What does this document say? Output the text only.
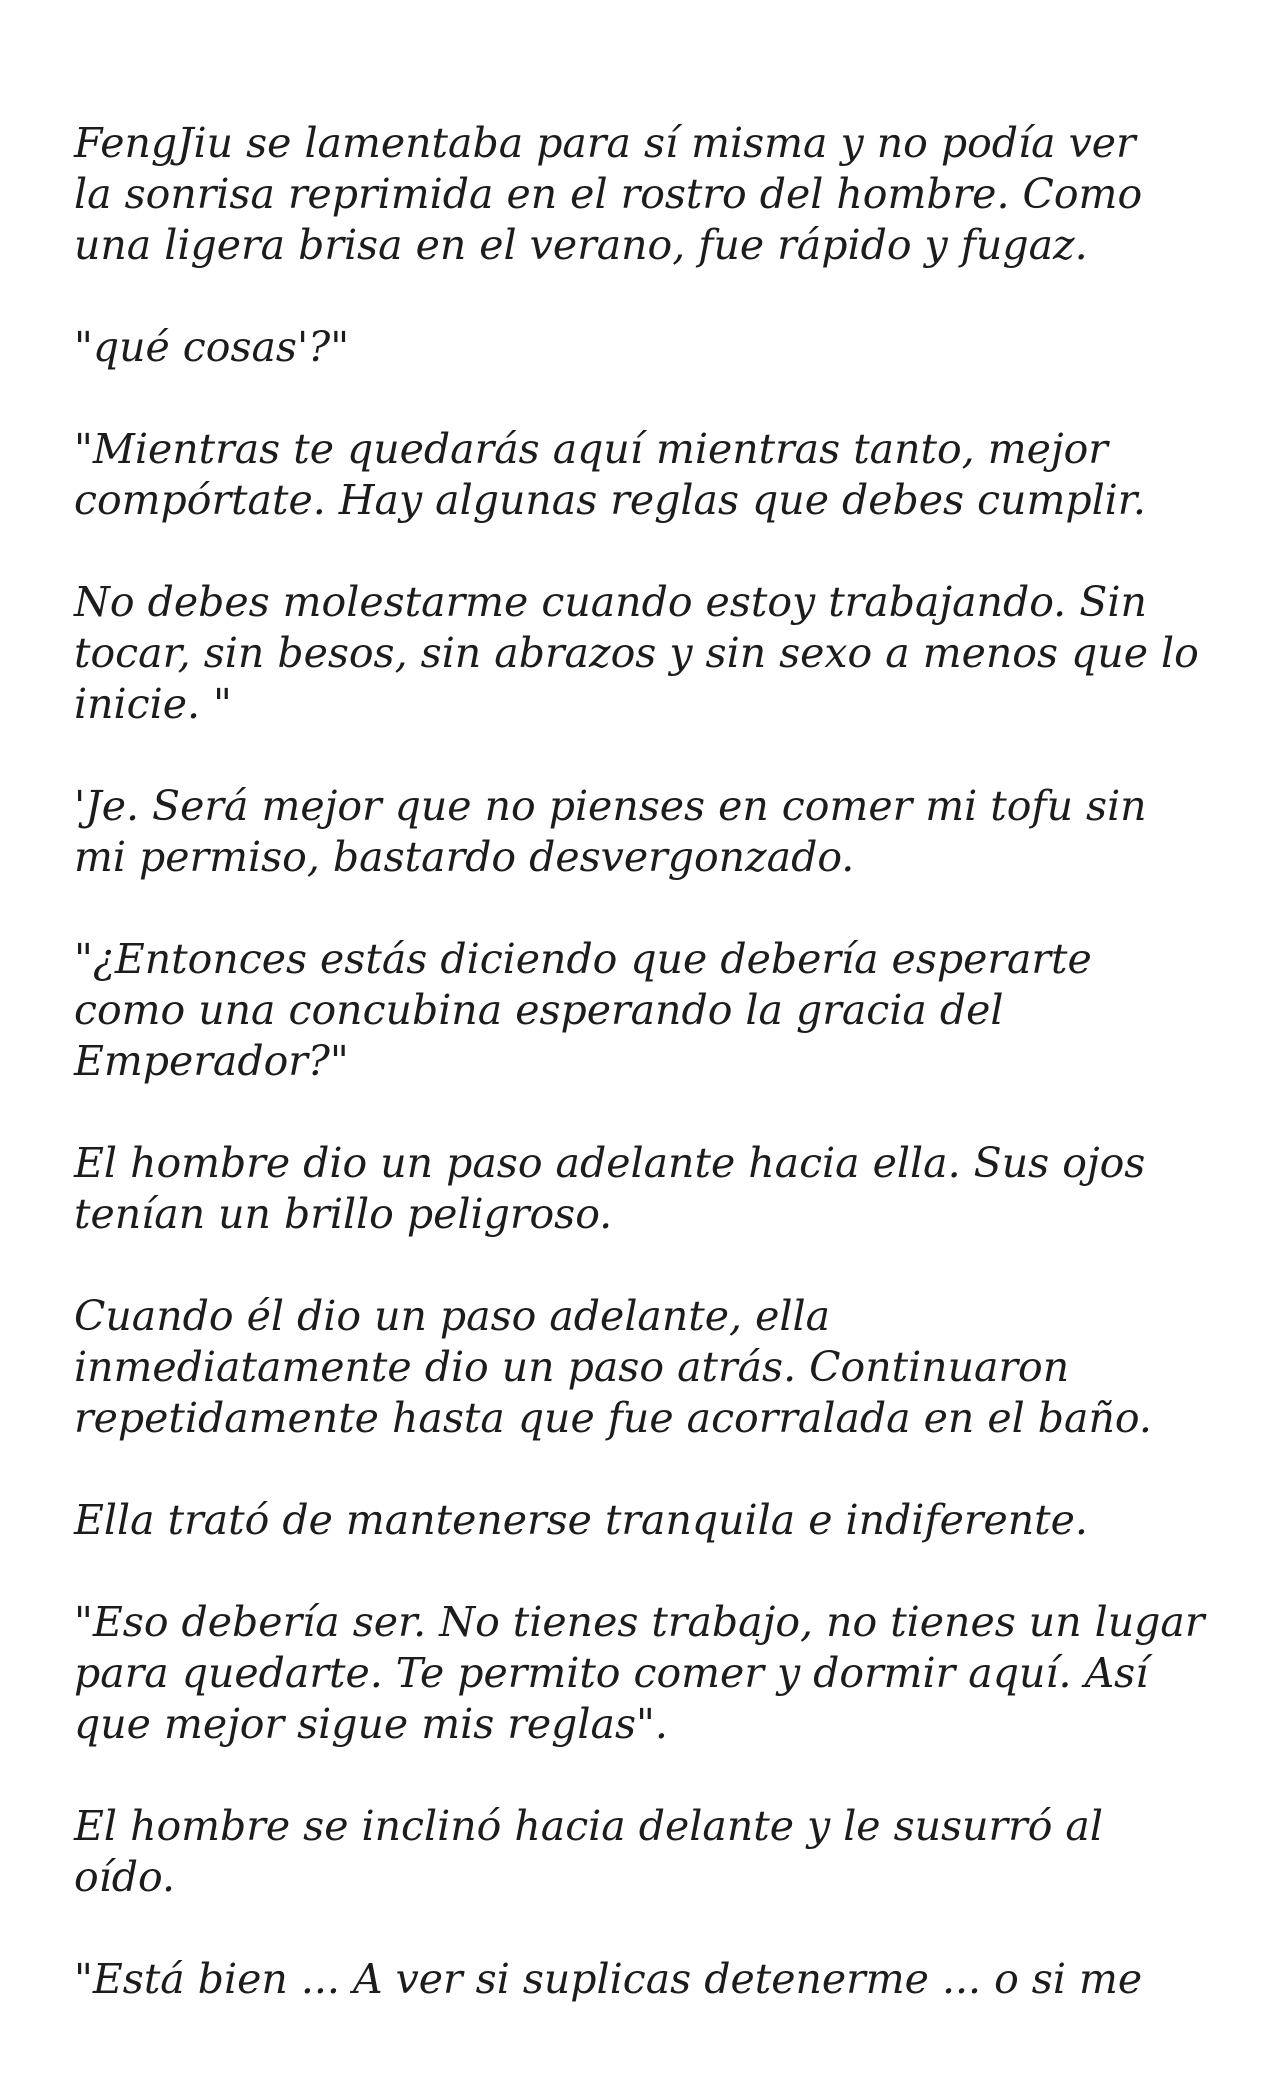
FengJiu se lamentaba para sí misma y no podía ver
la sonrisa reprimida en el rostro del hombre. Como
una ligera brisa en el verano, fue rápido y fugaz.
"qué cosas'?"
"Mientras te quedarás aquí mientras tanto, mejor
compórtate. Hay algunas reglas que debes cumplir.
No debes molestarme cuando estoy trabajando. Sin
tocar, sin besos, sin abrazos y sin sexo a menos que lo
inicie. "
'Je. Será mejor que no pienses en comer mi tofu sin
mi permiso, bastardo desvergonzado.
"¿Entonces estás diciendo que debería esperarte
como una concubina esperando la gracia del
Emperador?"
El hombre dio un paso adelante hacia ella. Sus ojos
tenían un brillo peligroso.
Cuando él dio un paso adelante, ella
inmediatamente dio un paso atrás. Continuaron
repetidamente hasta que fue acorralada en el baño.
Ella trató de mantenerse tranquila e indiferente.
"Eso debería ser. No tienes trabajo, no tienes un lugar
para quedarte. Te permito comer y dormir aquí. Así
que mejor sigue mis reglas".
El hombre se inclinó hacia delante y le susurró al
oído.
"Está bien ... A ver si suplicas detenerme ... o si me
